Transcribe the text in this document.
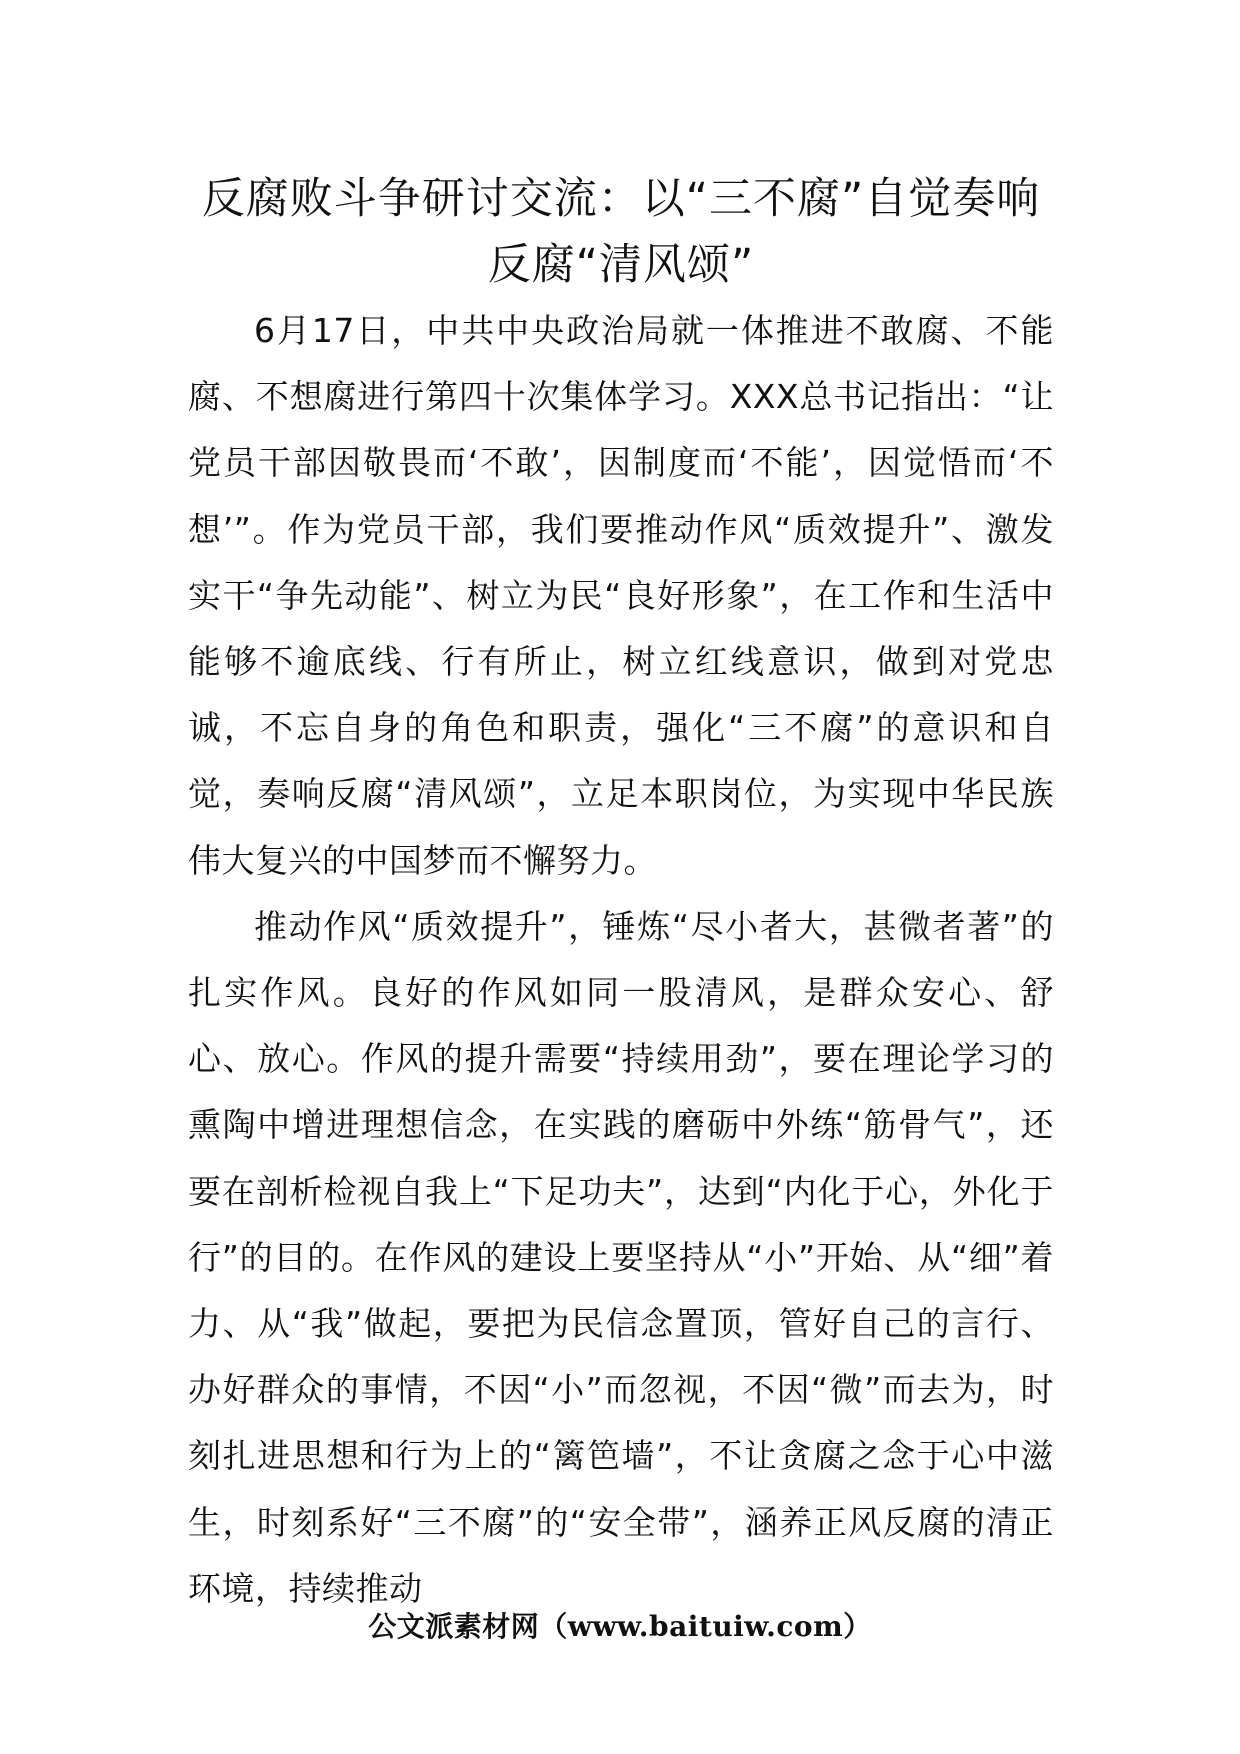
反腐败斗争研讨交流：以“三不腐”自觉奏响反腐“清风颂”

6月17日，中共中央政治局就一体推进不敢腐、不能腐、不想腐进行第四十次集体学习。XXX总书记指出：“让党员干部因敬畏而‘不敢’，因制度而‘不能’，因觉悟而‘不想’”。作为党员干部，我们要推动作风“质效提升”、激发实干“争先动能”、树立为民“良好形象”，在工作和生活中能够不逾底线、行有所止，树立红线意识，做到对党忠诚，不忘自身的角色和职责，强化“三不腐”的意识和自觉，奏响反腐“清风颂”，立足本职岗位，为实现中华民族伟大复兴的中国梦而不懈努力。

推动作风“质效提升”，锤炼“尽小者大，甚微者著”的扎实作风。良好的作风如同一股清风，是群众安心、舒心、放心。作风的提升需要“持续用劲”，要在理论学习的熏陶中增进理想信念，在实践的磨砺中外练“筋骨气”，还要在剖析检视自我上“下足功夫”，达到“内化于心，外化于行”的目的。在作风的建设上要坚持从“小”开始、从“细”着力、从“我”做起，要把为民信念置顶，管好自己的言行、办好群众的事情，不因“小”而忽视，不因“微”而去为，时刻扎进思想和行为上的“篱笆墙”，不让贪腐之念于心中滋生，时刻系好“三不腐”的“安全带”，涵养正风反腐的清正环境，持续推动

公文派素材网（www.baituiw.com）
